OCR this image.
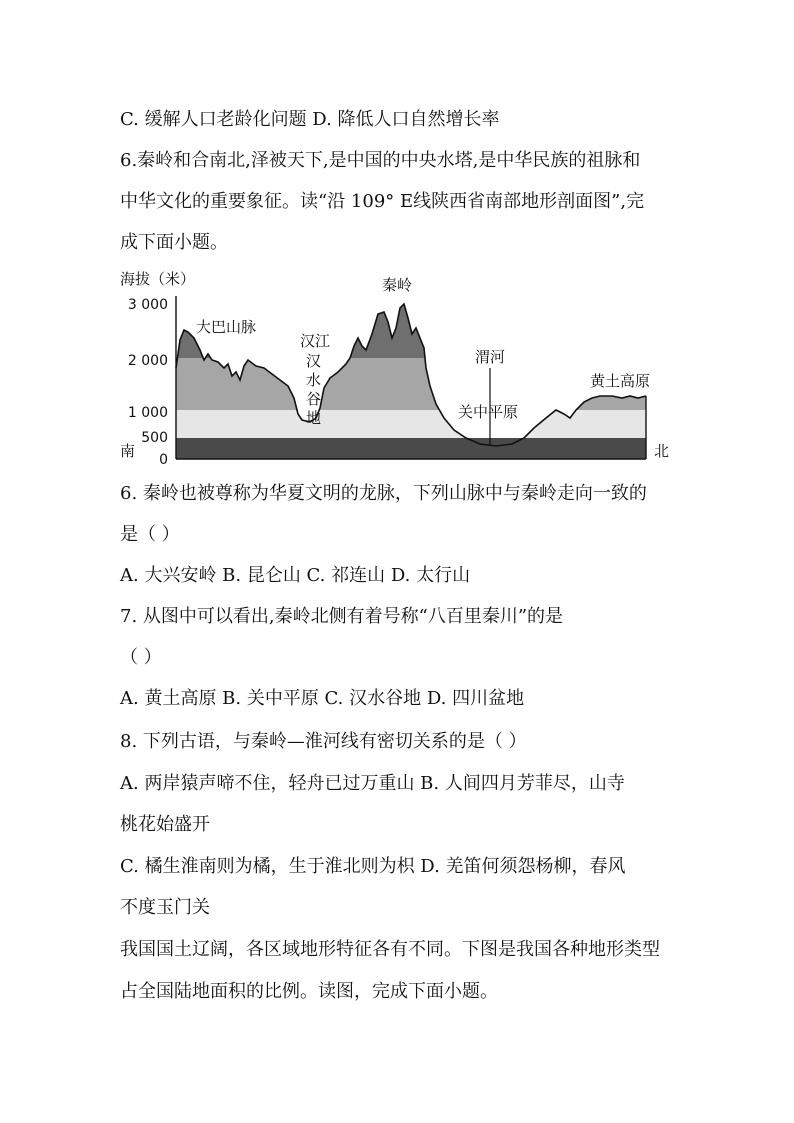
C. 缓解人口老龄化问题 D. 降低人口自然增长率
6.秦岭和合南北,泽被天下,是中国的中央水塔,是中华民族的祖脉和
中华文化的重要象征。读“沿 109° E线陕西省南部地形剖面图”,完
成下面小题。
海拔（米）
3 000
2 000
1 000
500
0
南	北
大巴山脉
汉江
汉
水
谷
地
秦岭
渭河
关中平原
黄土高原
6. 秦岭也被尊称为华夏文明的龙脉，下列山脉中与秦岭走向一致的
是（ ）
A. 大兴安岭 B. 昆仑山 C. 祁连山 D. 太行山
7. 从图中可以看出,秦岭北侧有着号称“八百里秦川”的是
（ ）
A. 黄土高原 B. 关中平原 C. 汉水谷地 D. 四川盆地
8. 下列古语，与秦岭—淮河线有密切关系的是（ ）
A. 两岸猿声啼不住，轻舟已过万重山 B. 人间四月芳菲尽，山寺
桃花始盛开
C. 橘生淮南则为橘，生于淮北则为枳 D. 羌笛何须怨杨柳，春风
不度玉门关
我国国土辽阔，各区域地形特征各有不同。下图是我国各种地形类型
占全国陆地面积的比例。读图，完成下面小题。
